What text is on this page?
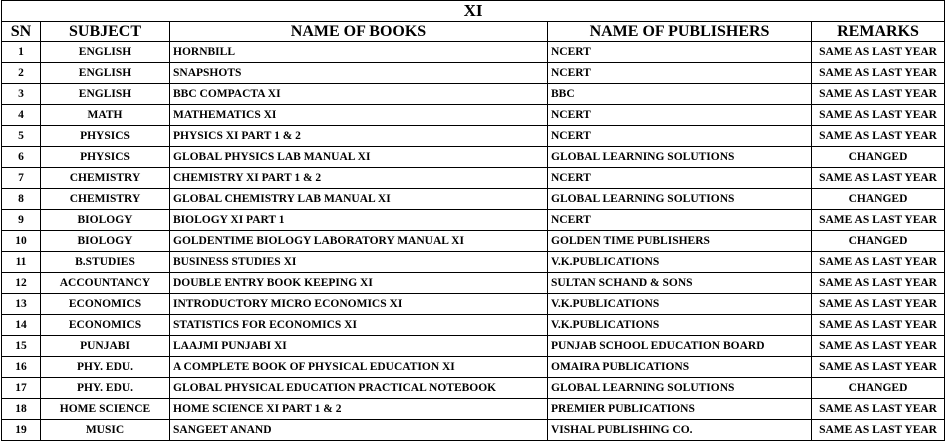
XI				
SN	SUBJECT	NAME OF BOOKS	NAME OF PUBLISHERS	REMARKS
1	ENGLISH	HORNBILL	NCERT	SAME AS LAST YEAR
2	ENGLISH	SNAPSHOTS	NCERT	SAME AS LAST YEAR
3	ENGLISH	BBC COMPACTA XI	BBC	SAME AS LAST YEAR
4	MATH	MATHEMATICS XI	NCERT	SAME AS LAST YEAR
5	PHYSICS	PHYSICS XI PART 1 & 2	NCERT	SAME AS LAST YEAR
6	PHYSICS	GLOBAL PHYSICS LAB MANUAL XI	GLOBAL LEARNING SOLUTIONS	CHANGED
7	CHEMISTRY	CHEMISTRY XI PART 1 & 2	NCERT	SAME AS LAST YEAR
8	CHEMISTRY	GLOBAL CHEMISTRY LAB MANUAL XI	GLOBAL LEARNING SOLUTIONS	CHANGED
9	BIOLOGY	BIOLOGY XI PART 1	NCERT	SAME AS LAST YEAR
10	BIOLOGY	GOLDENTIME BIOLOGY LABORATORY MANUAL XI	GOLDEN TIME PUBLISHERS	CHANGED
11	B.STUDIES	BUSINESS STUDIES XI	V.K.PUBLICATIONS	SAME AS LAST YEAR
12	ACCOUNTANCY	DOUBLE ENTRY BOOK KEEPING XI	SULTAN SCHAND & SONS	SAME AS LAST YEAR
13	ECONOMICS	INTRODUCTORY MICRO ECONOMICS XI	V.K.PUBLICATIONS	SAME AS LAST YEAR
14	ECONOMICS	STATISTICS FOR ECONOMICS XI	V.K.PUBLICATIONS	SAME AS LAST YEAR
15	PUNJABI	LAAJMI PUNJABI XI	PUNJAB SCHOOL EDUCATION BOARD	SAME AS LAST YEAR
16	PHY. EDU.	A COMPLETE BOOK OF PHYSICAL EDUCATION XI	OMAIRA PUBLICATIONS	SAME AS LAST YEAR
17	PHY. EDU.	GLOBAL PHYSICAL EDUCATION PRACTICAL NOTEBOOK	GLOBAL LEARNING SOLUTIONS	CHANGED
18	HOME SCIENCE	HOME SCIENCE XI PART 1 & 2	PREMIER PUBLICATIONS	SAME AS LAST YEAR
19	MUSIC	SANGEET ANAND	VISHAL PUBLISHING CO.	SAME AS LAST YEAR
